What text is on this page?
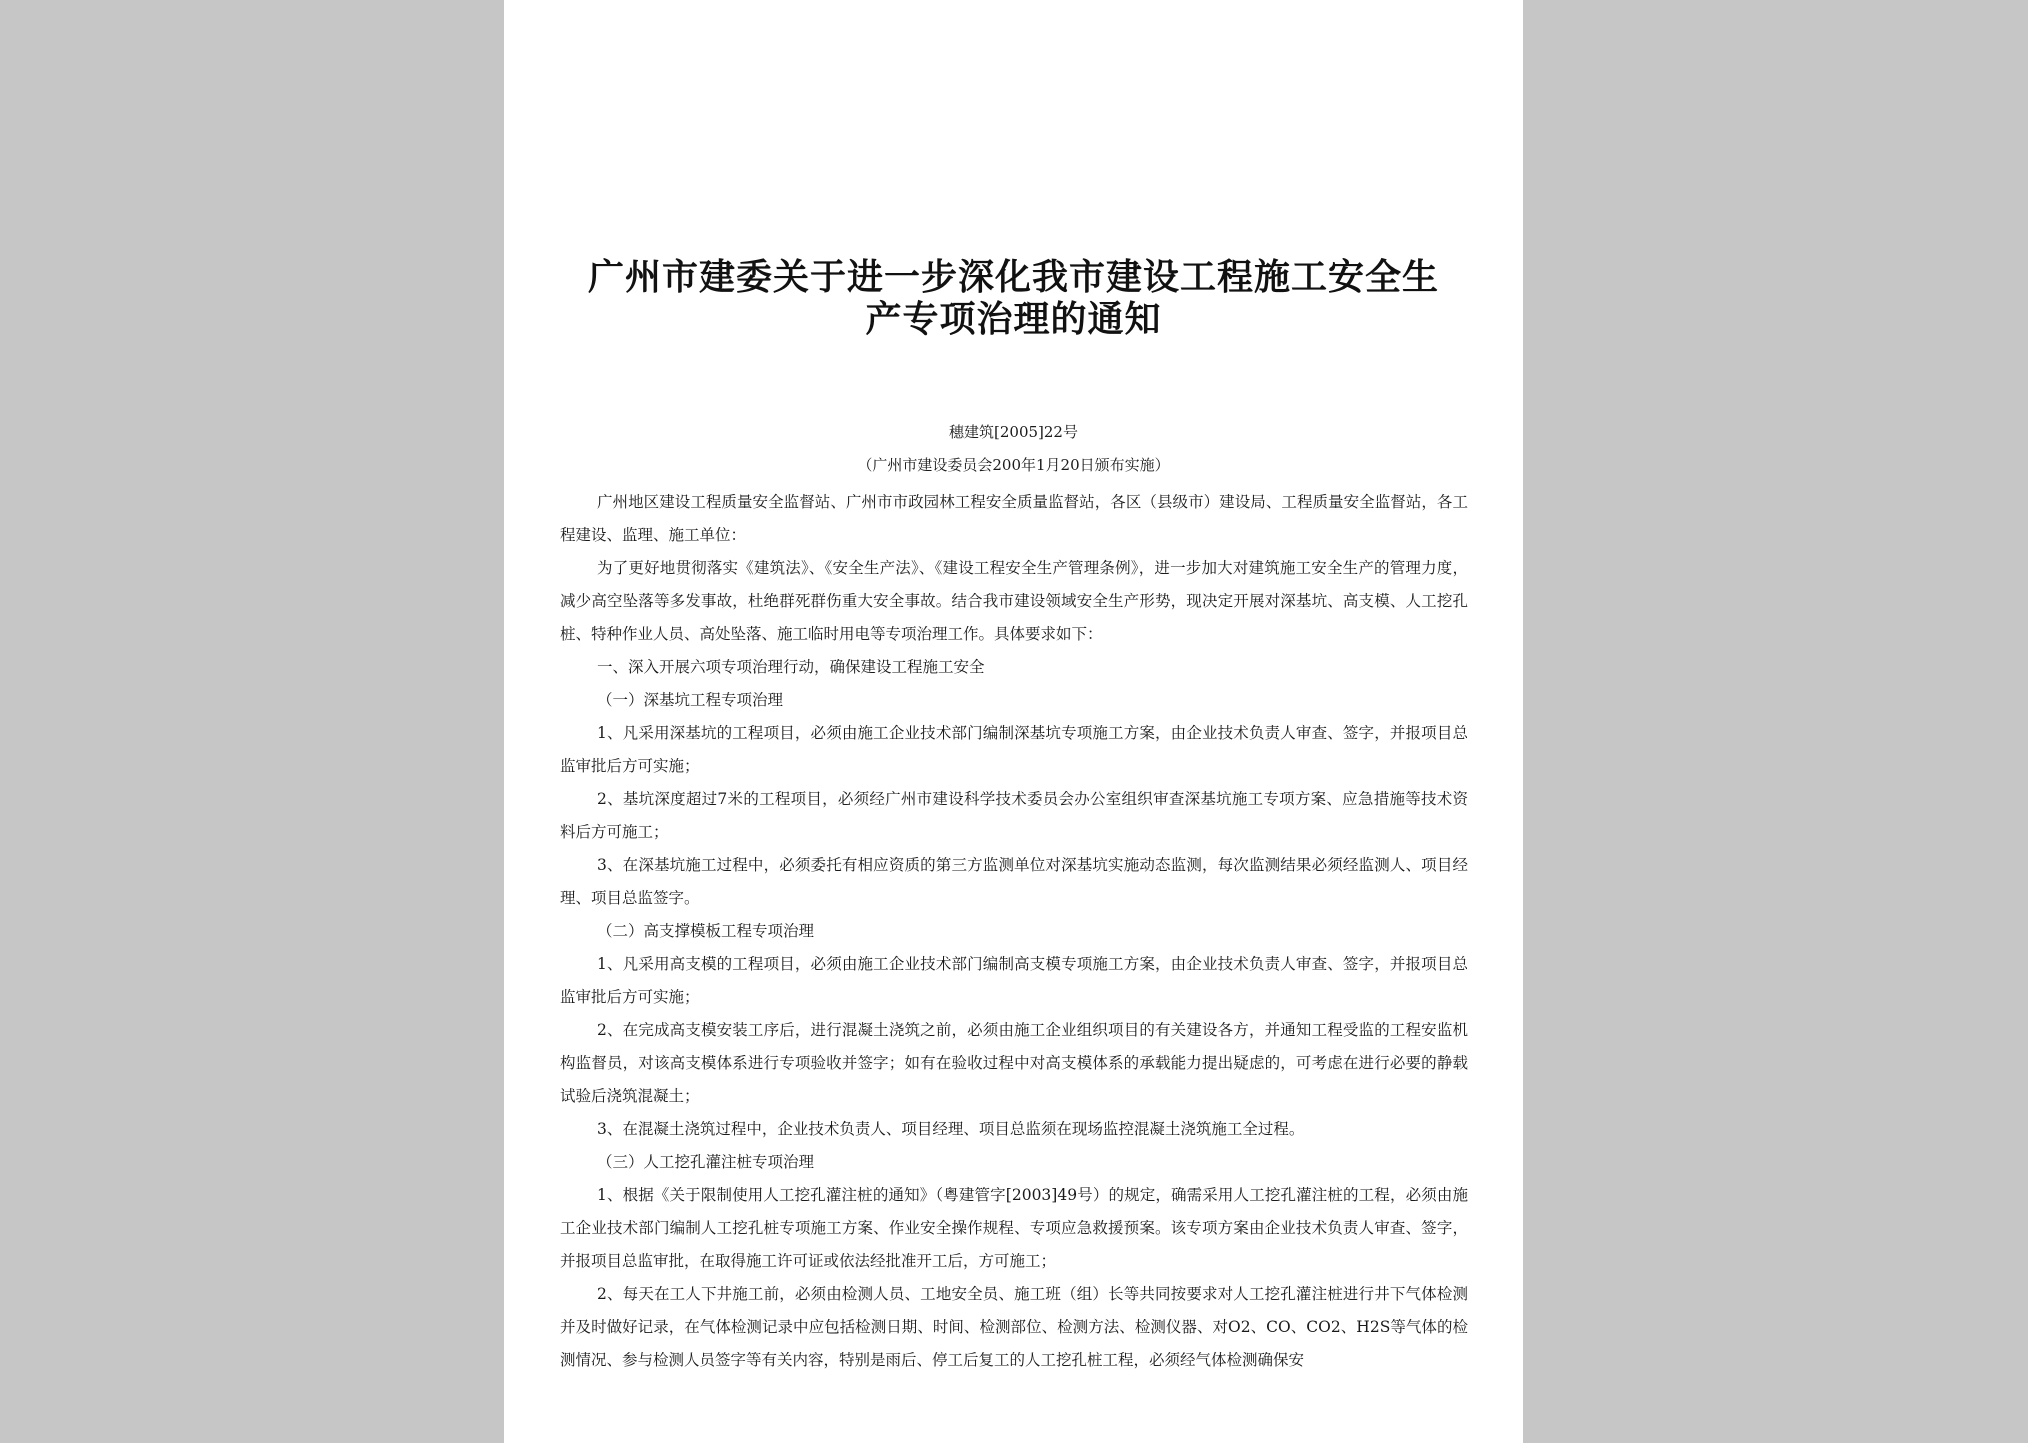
广州市建委关于进一步深化我市建设工程施工安全生
产专项治理的通知
穗建筑[2005]22号
（广州市建设委员会200年1月20日颁布实施）

广州地区建设工程质量安全监督站、广州市市政园林工程安全质量监督站，各区（县级市）建设局、工程质量安全监督站，各工程建设、监理、施工单位：

为了更好地贯彻落实《建筑法》、《安全生产法》、《建设工程安全生产管理条例》，进一步加大对建筑施工安全生产的管理力度，减少高空坠落等多发事故，杜绝群死群伤重大安全事故。结合我市建设领域安全生产形势，现决定开展对深基坑、高支模、人工挖孔桩、特种作业人员、高处坠落、施工临时用电等专项治理工作。具体要求如下：

一、深入开展六项专项治理行动，确保建设工程施工安全

（一）深基坑工程专项治理

1、凡采用深基坑的工程项目，必须由施工企业技术部门编制深基坑专项施工方案，由企业技术负责人审查、签字，并报项目总监审批后方可实施；

2、基坑深度超过7米的工程项目，必须经广州市建设科学技术委员会办公室组织审查深基坑施工专项方案、应急措施等技术资料后方可施工；

3、在深基坑施工过程中，必须委托有相应资质的第三方监测单位对深基坑实施动态监测，每次监测结果必须经监测人、项目经理、项目总监签字。

（二）高支撑模板工程专项治理

1、凡采用高支模的工程项目，必须由施工企业技术部门编制高支模专项施工方案，由企业技术负责人审查、签字，并报项目总监审批后方可实施；

2、在完成高支模安装工序后，进行混凝土浇筑之前，必须由施工企业组织项目的有关建设各方，并通知工程受监的工程安监机构监督员，对该高支模体系进行专项验收并签字；如有在验收过程中对高支模体系的承载能力提出疑虑的，可考虑在进行必要的静载试验后浇筑混凝土；

3、在混凝土浇筑过程中，企业技术负责人、项目经理、项目总监须在现场监控混凝土浇筑施工全过程。

（三）人工挖孔灌注桩专项治理

1、根据《关于限制使用人工挖孔灌注桩的通知》（粤建管字[2003]49号）的规定，确需采用人工挖孔灌注桩的工程，必须由施工企业技术部门编制人工挖孔桩专项施工方案、作业安全操作规程、专项应急救援预案。该专项方案由企业技术负责人审查、签字，并报项目总监审批，在取得施工许可证或依法经批准开工后，方可施工；

2、每天在工人下井施工前，必须由检测人员、工地安全员、施工班（组）长等共同按要求对人工挖孔灌注桩进行井下气体检测并及时做好记录，在气体检测记录中应包括检测日期、时间、检测部位、检测方法、检测仪器、对O2、CO、CO2、H2S等气体的检测情况、参与检测人员签字等有关内容，特别是雨后、停工后复工的人工挖孔桩工程，必须经气体检测确保安
